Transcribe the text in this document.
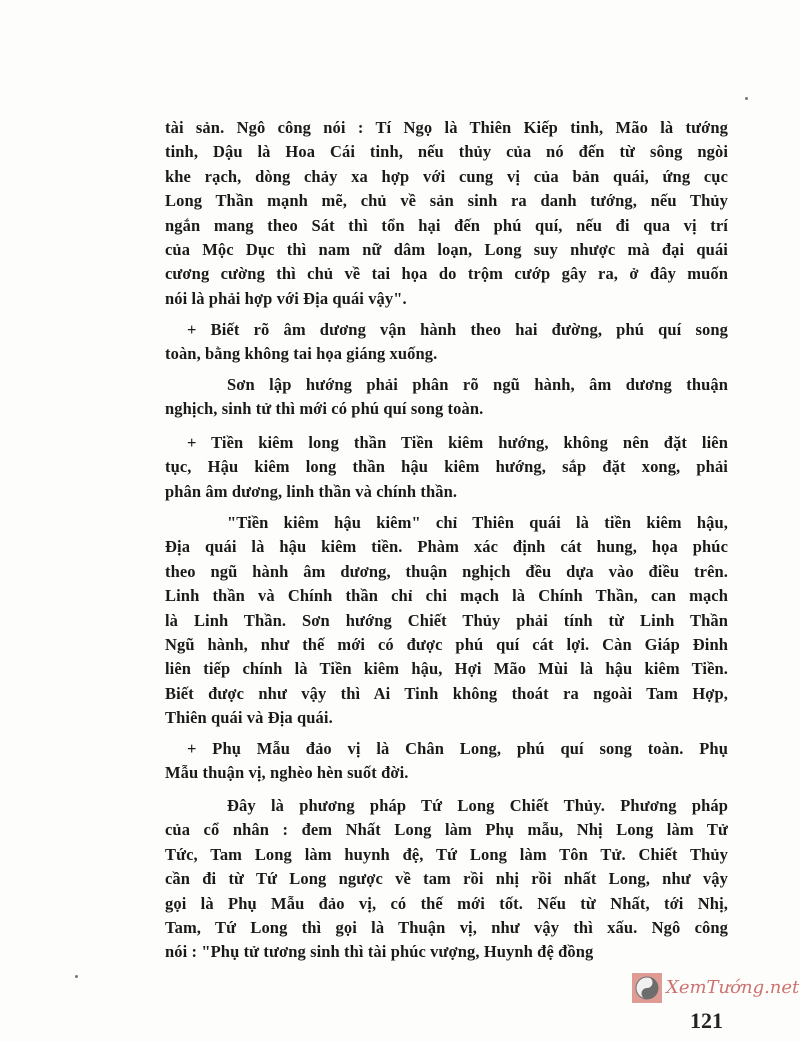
tài sản. Ngô công nói : Tí Ngọ là Thiên Kiếp tinh, Mão là tướng
tinh, Dậu là Hoa Cái tinh, nếu thủy của nó đến từ sông ngòi
khe rạch, dòng chảy xa hợp với cung vị của bản quái, ứng cục
Long Thần mạnh mẽ, chủ về sản sinh ra danh tướng, nếu Thủy
ngắn mang theo Sát thì tổn hại đến phú quí, nếu đi qua vị trí
của Mộc Dục thì nam nữ dâm loạn, Long suy nhược mà đại quái
cương cường thì chủ về tai họa do trộm cướp gây ra, ở đây muốn
nói là phải hợp với Địa quái vậy".
+ Biết rõ âm dương vận hành theo hai đường, phú quí song
toàn, bằng không tai họa giáng xuống.
Sơn lập hướng phải phân rõ ngũ hành, âm dương thuận
nghịch, sinh tử thì mới có phú quí song toàn.
+ Tiền kiêm long thần Tiền kiêm hướng, không nên đặt liên
tục, Hậu kiêm long thần hậu kiêm hướng, sắp đặt xong, phải
phân âm dương, linh thần và chính thần.
"Tiền kiêm hậu kiêm" chỉ Thiên quái là tiền kiêm hậu,
Địa quái là hậu kiêm tiền. Phàm xác định cát hung, họa phúc
theo ngũ hành âm dương, thuận nghịch đều dựa vào điều trên.
Linh thần và Chính thần chỉ chi mạch là Chính Thần, can mạch
là Linh Thần. Sơn hướng Chiết Thủy phải tính từ Linh Thần
Ngũ hành, như thế mới có được phú quí cát lợi. Càn Giáp Đinh
liên tiếp chính là Tiền kiêm hậu, Hợi Mão Mùi là hậu kiêm Tiền.
Biết được như vậy thì Ai Tinh không thoát ra ngoài Tam Hợp,
Thiên quái và Địa quái.
+ Phụ Mẫu đảo vị là Chân Long, phú quí song toàn. Phụ
Mẫu thuận vị, nghèo hèn suốt đời.
Đây là phương pháp Tứ Long Chiết Thủy. Phương pháp
của cổ nhân : đem Nhất Long làm Phụ mẫu, Nhị Long làm Tử
Tức, Tam Long làm huynh đệ, Tứ Long làm Tôn Tử. Chiết Thủy
cần đi từ Tứ Long ngược về tam rồi nhị rồi nhất Long, như vậy
gọi là Phụ Mẫu đảo vị, có thế mới tốt. Nếu từ Nhất, tới Nhị,
Tam, Tứ Long thì gọi là Thuận vị, như vậy thì xấu. Ngô công
nói : "Phụ tử tương sinh thì tài phúc vượng, Huynh đệ đồng
XemTướng.net
121
